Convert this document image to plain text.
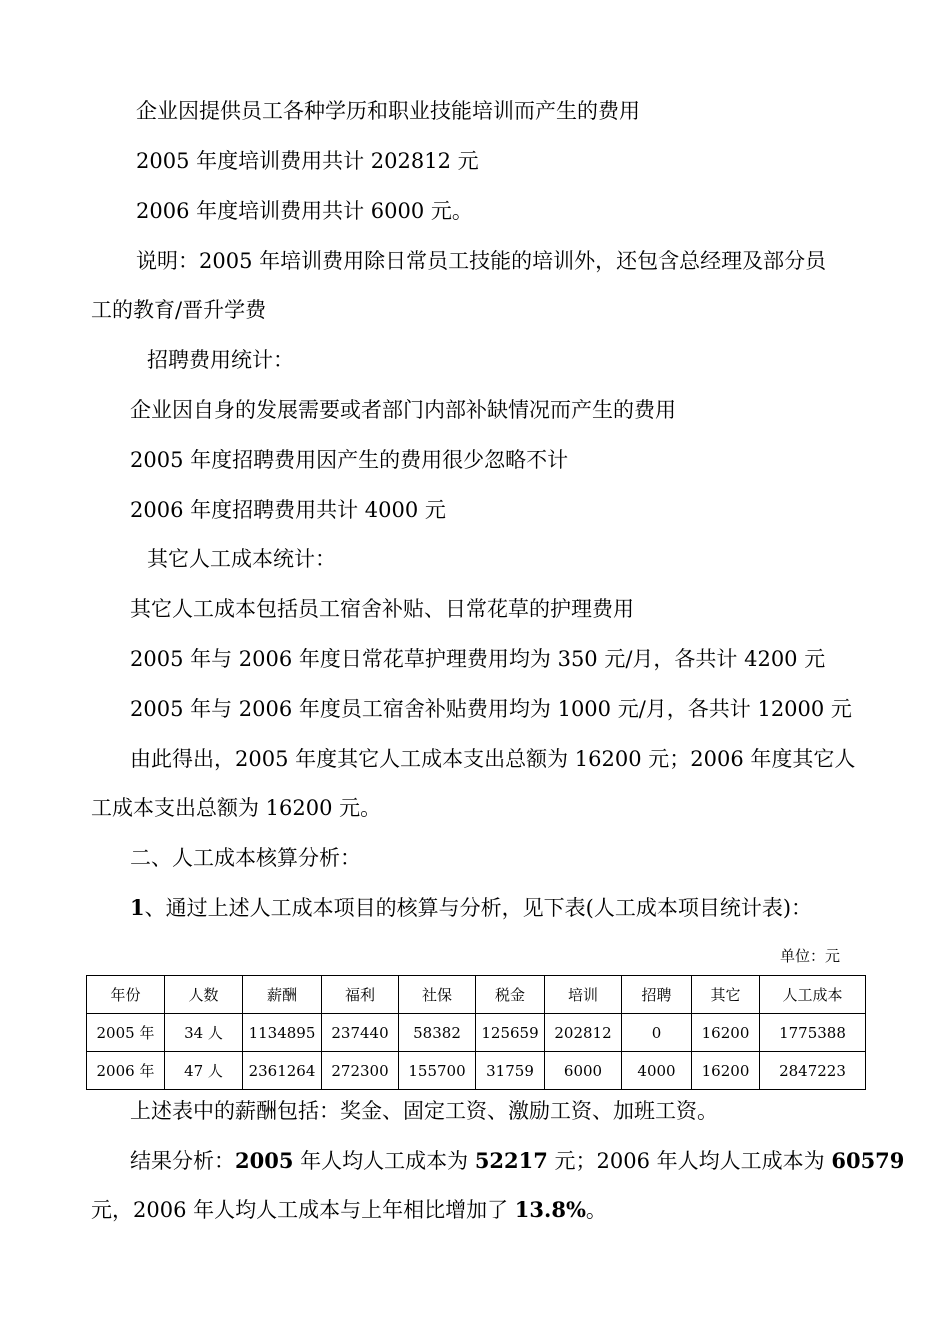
企业因提供员工各种学历和职业技能培训而产生的费用
2005 年度培训费用共计 202812 元
2006 年度培训费用共计 6000 元。
说明：2005 年培训费用除日常员工技能的培训外，还包含总经理及部分员
工的教育/晋升学费
招聘费用统计：
企业因自身的发展需要或者部门内部补缺情况而产生的费用
2005 年度招聘费用因产生的费用很少忽略不计
2006 年度招聘费用共计 4000 元
其它人工成本统计：
其它人工成本包括员工宿舍补贴、日常花草的护理费用
2005 年与 2006 年度日常花草护理费用均为 350 元/月，各共计 4200 元
2005 年与 2006 年度员工宿舍补贴费用均为 1000 元/月，各共计 12000 元
由此得出，2005 年度其它人工成本支出总额为 16200 元；2006 年度其它人
工成本支出总额为 16200 元。
二、人工成本核算分析：
1、通过上述人工成本项目的核算与分析，见下表(人工成本项目统计表)：
单位：元
年份	人数	薪酬	福利	社保	税金	培训	招聘	其它	人工成本
2005 年	34 人	1134895	237440	58382	125659	202812	0	16200	1775388
2006 年	47 人	2361264	272300	155700	31759	6000	4000	16200	2847223
上述表中的薪酬包括：奖金、固定工资、激励工资、加班工资。
结果分析：2005 年人均人工成本为 52217 元；2006 年人均人工成本为 60579
元，2006 年人均人工成本与上年相比增加了 13.8%。
